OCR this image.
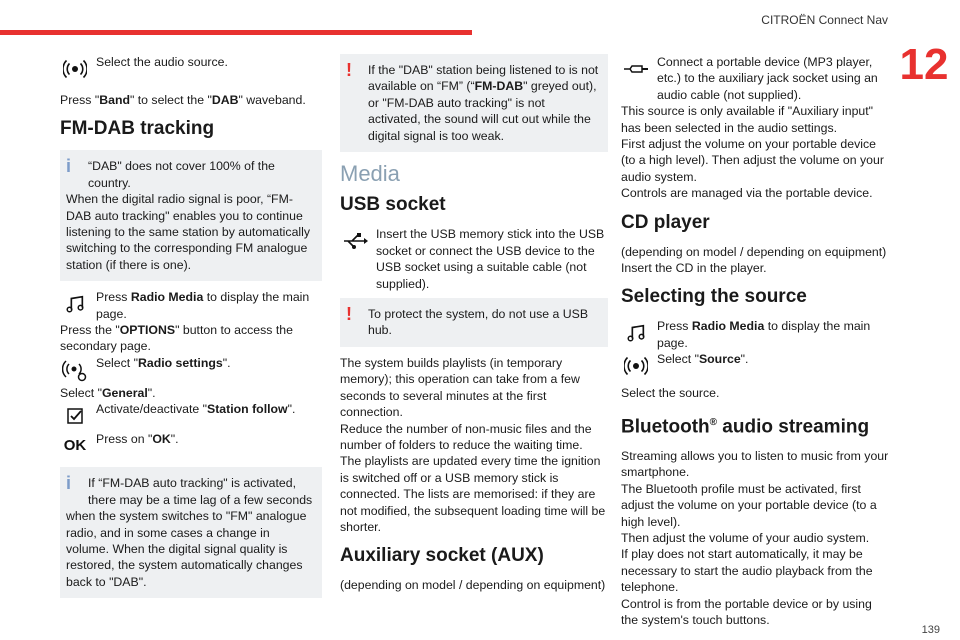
CITROËN Connect Nav
12
139

Select the audio source.

Press "Band" to select the "DAB" waveband.

FM-DAB tracking
i	“DAB" does not cover 100% of the country.

When the digital radio signal is poor, “FM-DAB auto tracking" enables you to continue listening to the same station by automatically switching to the corresponding FM analogue station (if there is one).

Press Radio Media to display the main page.

Press the "OPTIONS" button to access the secondary page.

Select "Radio settings".

Select "General".

Activate/deactivate "Station follow".

OK Press on "OK".

i	If “FM-DAB auto tracking" is activated, there may be a time lag of a few seconds

when the system switches to "FM" analogue radio, and in some cases a change in volume. When the digital signal quality is restored, the system automatically changes back to "DAB".

!	If the "DAB" station being listened to is not available on “FM” (“FM-DAB" greyed out), or "FM-DAB auto tracking" is not activated, the sound will cut out while the digital signal is too weak.

Media
USB socket

Insert the USB memory stick into the USB socket or connect the USB device to the USB socket using a suitable cable (not supplied).

!	To protect the system, do not use a USB hub.

The system builds playlists (in temporary memory); this operation can take from a few seconds to several minutes at the first connection.

Reduce the number of non-music files and the number of folders to reduce the waiting time.

The playlists are updated every time the ignition is switched off or a USB memory stick is connected. The lists are memorised: if they are not modified, the subsequent loading time will be shorter.

Auxiliary socket (AUX)

(depending on model / depending on equipment)

Connect a portable device (MP3 player, etc.) to the auxiliary jack socket using an audio cable (not supplied).

This source is only available if "Auxiliary input" has been selected in the audio settings.

First adjust the volume on your portable device (to a high level). Then adjust the volume on your audio system.

Controls are managed via the portable device.

CD player

(depending on model / depending on equipment)

Insert the CD in the player.

Selecting the source

Press Radio Media to display the main page.

Select "Source".

Select the source.

Bluetooth® audio streaming

Streaming allows you to listen to music from your smartphone.

The Bluetooth profile must be activated, first adjust the volume on your portable device (to a high level).

Then adjust the volume of your audio system.

If play does not start automatically, it may be necessary to start the audio playback from the telephone.

Control is from the portable device or by using the system's touch buttons.
